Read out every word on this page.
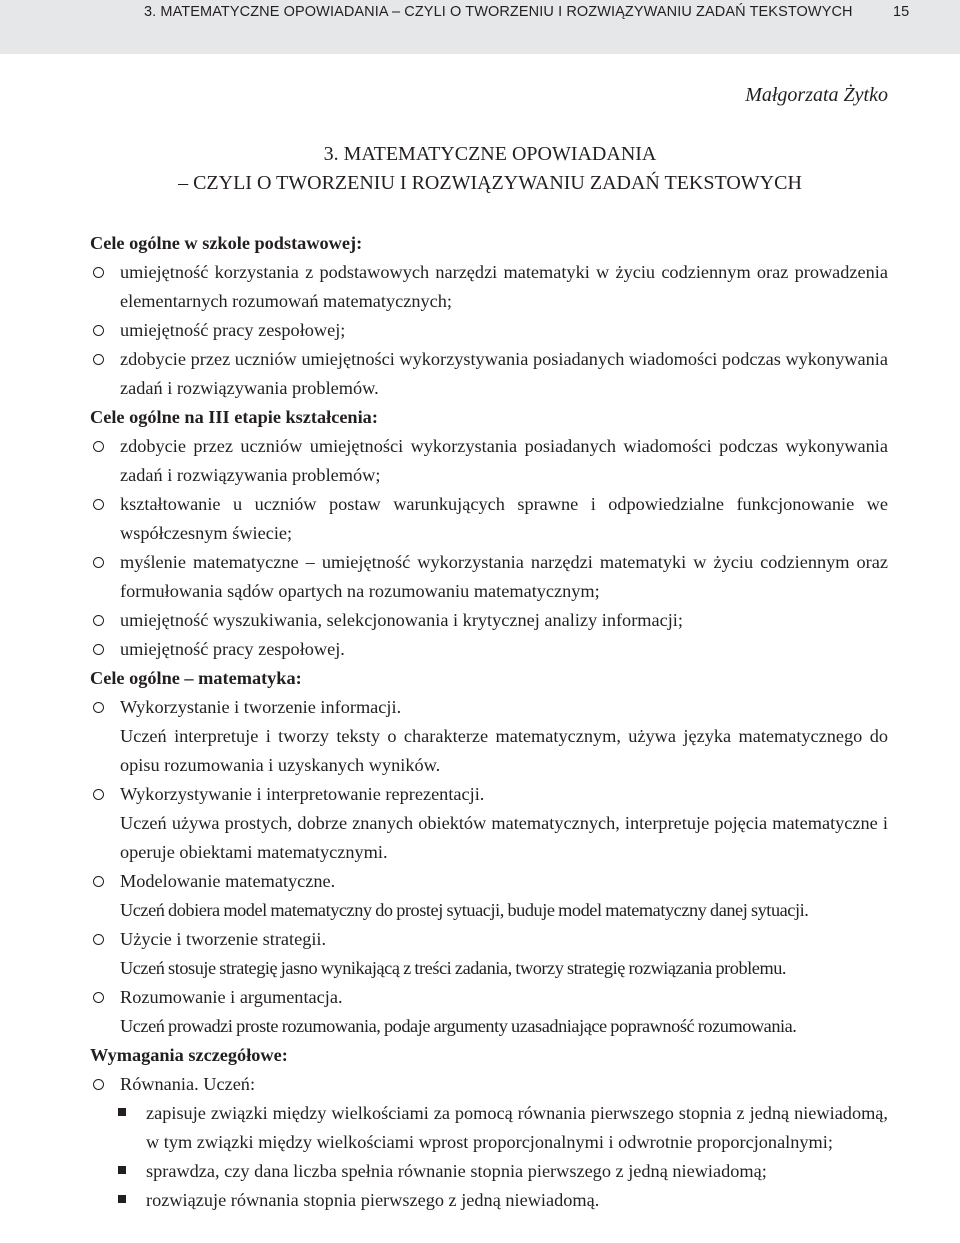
3. MATEMATYCZNE OPOWIADANIA – CZYLI O TWORZENIU I ROZWIĄZYWANIU ZADAŃ TEKSTOWYCH	15
Małgorzata Żytko
3. MATEMATYCZNE OPOWIADANIA
– CZYLI O TWORZENIU I ROZWIĄZYWANIU ZADAŃ TEKSTOWYCH

Cele ogólne w szkole podstawowej:

umiejętność korzystania z podstawowych narzędzi matematyki w życiu codziennym oraz prowadzenia elementarnych rozumowań matematycznych;
umiejętność pracy zespołowej;
zdobycie przez uczniów umiejętności wykorzystywania posiadanych wiadomości podczas wykonywania zadań i rozwiązywania problemów.

Cele ogólne na III etapie kształcenia:

zdobycie przez uczniów umiejętności wykorzystania posiadanych wiadomości podczas wykonywania zadań i rozwiązywania problemów;
kształtowanie u uczniów postaw warunkujących sprawne i odpowiedzialne funkcjonowanie we współczesnym świecie;
myślenie matematyczne – umiejętność wykorzystania narzędzi matematyki w życiu codziennym oraz formułowania sądów opartych na rozumowaniu matematycznym;
umiejętność wyszukiwania, selekcjonowania i krytycznej analizy informacji;
umiejętność pracy zespołowej.

Cele ogólne – matematyka:

Wykorzystanie i tworzenie informacji.
Uczeń interpretuje i tworzy teksty o charakterze matematycznym, używa języka matematycznego do opisu rozumowania i uzyskanych wyników.
Wykorzystywanie i interpretowanie reprezentacji.
Uczeń używa prostych, dobrze znanych obiektów matematycznych, interpretuje pojęcia matematyczne i operuje obiektami matematycznymi.
Modelowanie matematyczne.
Uczeń dobiera model matematyczny do prostej sytuacji, buduje model matematyczny danej sytuacji.
Użycie i tworzenie strategii.
Uczeń stosuje strategię jasno wynikającą z treści zadania, tworzy strategię rozwiązania problemu.
Rozumowanie i argumentacja.
Uczeń prowadzi proste rozumowania, podaje argumenty uzasadniające poprawność rozumowania.

Wymagania szczegółowe:

Równania. Uczeń:
zapisuje związki między wielkościami za pomocą równania pierwszego stopnia z jedną niewiadomą, w tym związki między wielkościami wprost proporcjonalnymi i odwrotnie proporcjonalnymi;
sprawdza, czy dana liczba spełnia równanie stopnia pierwszego z jedną niewiadomą;
rozwiązuje równania stopnia pierwszego z jedną niewiadomą.
